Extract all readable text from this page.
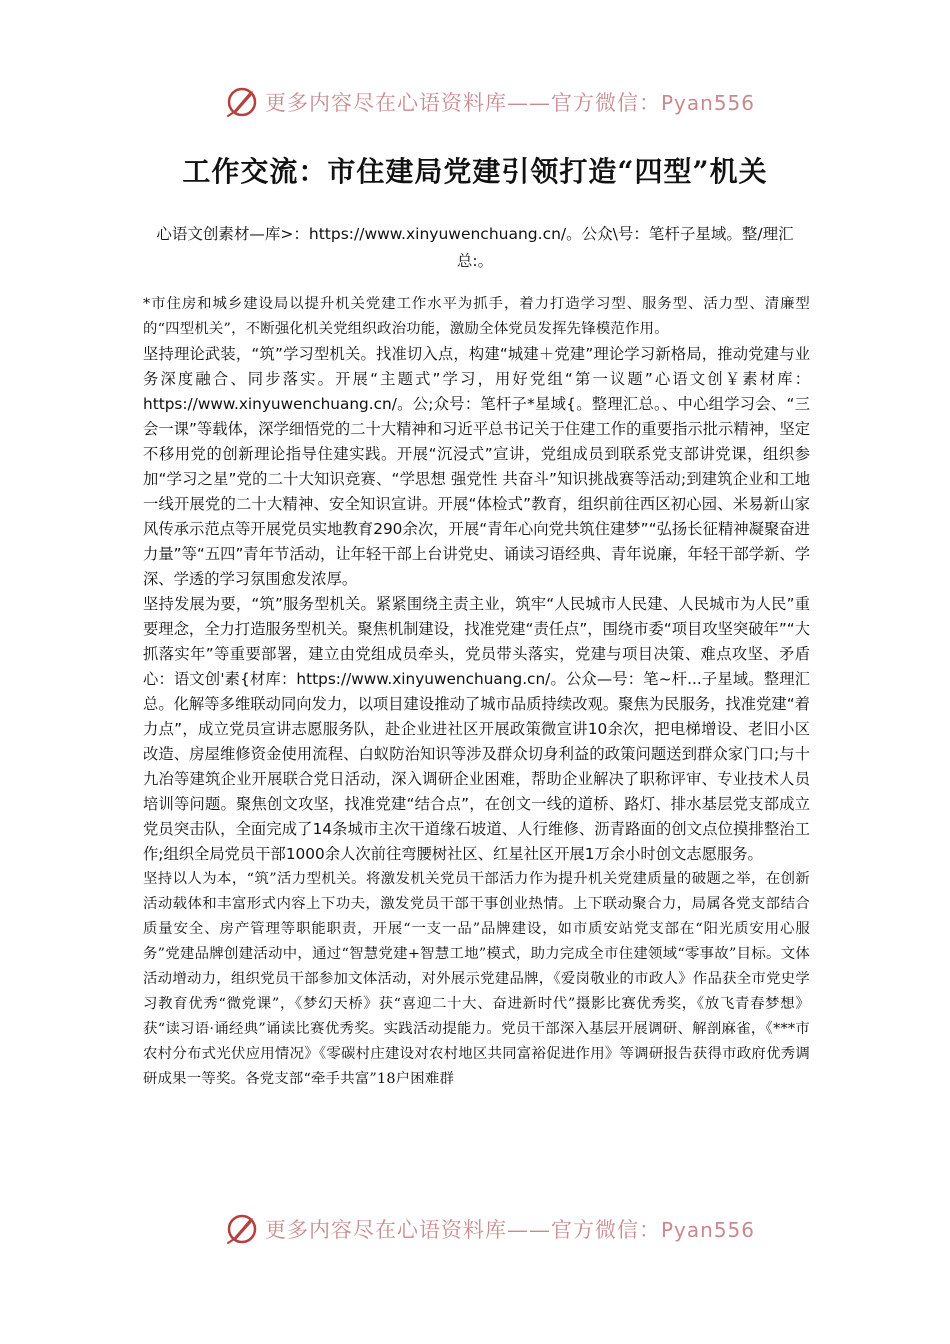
更多内容尽在心语资料库——官方微信：Pyan556
工作交流：市住建局党建引领打造“四型”机关

心语文创素材—库>：https://www.xinyuwenchuang.cn/。公众\号：笔杆子星域。整/理汇总:。

*市住房和城乡建设局以提升机关党建工作水平为抓手，着力打造学习型、服务型、活力型、清廉型的“四型机关”，不断强化机关党组织政治功能，激励全体党员发挥先锋模范作用。

坚持理论武装，“筑”学习型机关。找准切入点，构建“城建＋党建”理论学习新格局，推动党建与业务深度融合、同步落实。开展“主题式”学习，用好党组“第一议题”心语文创￥素材库：https://www.xinyuwenchuang.cn/。公;众号：笔杆子*星域{。整理汇总。、中心组学习会、“三会一课”等载体，深学细悟党的二十大精神和习近平总书记关于住建工作的重要指示批示精神，坚定不移用党的创新理论指导住建实践。开展“沉浸式”宣讲，党组成员到联系党支部讲党课，组织参加“学习之星”党的二十大知识竞赛、“学思想 强党性 共奋斗”知识挑战赛等活动;到建筑企业和工地一线开展党的二十大精神、安全知识宣讲。开展“体检式”教育，组织前往西区初心园、米易新山家风传承示范点等开展党员实地教育290余次，开展“青年心向党共筑住建梦”“弘扬长征精神凝聚奋进力量”等“五四”青年节活动，让年轻干部上台讲党史、诵读习语经典、青年说廉，年轻干部学新、学深、学透的学习氛围愈发浓厚。

坚持发展为要，“筑”服务型机关。紧紧围绕主责主业，筑牢“人民城市人民建、人民城市为人民”重要理念，全力打造服务型机关。聚焦机制建设，找准党建“责任点”，围绕市委“项目攻坚突破年”“大抓落实年”等重要部署，建立由党组成员牵头，党员带头落实，党建与项目决策、难点攻坚、矛盾心：语文创'素{材库：https://www.xinyuwenchuang.cn/。公众—号：笔~杆...子星域。整理汇总。化解等多维联动同向发力，以项目建设推动了城市品质持续改观。聚焦为民服务，找准党建“着力点”，成立党员宣讲志愿服务队，赴企业进社区开展政策微宣讲10余次，把电梯增设、老旧小区改造、房屋维修资金使用流程、白蚁防治知识等涉及群众切身利益的政策问题送到群众家门口;与十九冶等建筑企业开展联合党日活动，深入调研企业困难，帮助企业解决了职称评审、专业技术人员培训等问题。聚焦创文攻坚，找准党建“结合点”，在创文一线的道桥、路灯、排水基层党支部成立党员突击队，全面完成了14条城市主次干道缘石坡道、人行维修、沥青路面的创文点位摸排整治工作;组织全局党员干部1000余人次前往弯腰树社区、红星社区开展1万余小时创文志愿服务。

坚持以人为本，“筑”活力型机关。将激发机关党员干部活力作为提升机关党建质量的破题之举，在创新活动载体和丰富形式内容上下功夫，激发党员干部干事创业热情。上下联动聚合力，局属各党支部结合质量安全、房产管理等职能职责，开展“一支一品”品牌建设，如市质安站党支部在“阳光质安用心服务”党建品牌创建活动中，通过“智慧党建+智慧工地”模式，助力完成全市住建领域“零事故”目标。文体活动增动力，组织党员干部参加文体活动，对外展示党建品牌，《爱岗敬业的市政人》作品获全市党史学习教育优秀“微党课”，《梦幻天桥》获“喜迎二十大、奋进新时代”摄影比赛优秀奖，《放飞青春梦想》获“读习语·诵经典”诵读比赛优秀奖。实践活动提能力。党员干部深入基层开展调研、解剖麻雀，《***市农村分布式光伏应用情况》《零碳村庄建设对农村地区共同富裕促进作用》等调研报告获得市政府优秀调研成果一等奖。各党支部“牵手共富”18户困难群

更多内容尽在心语资料库——官方微信：Pyan556
